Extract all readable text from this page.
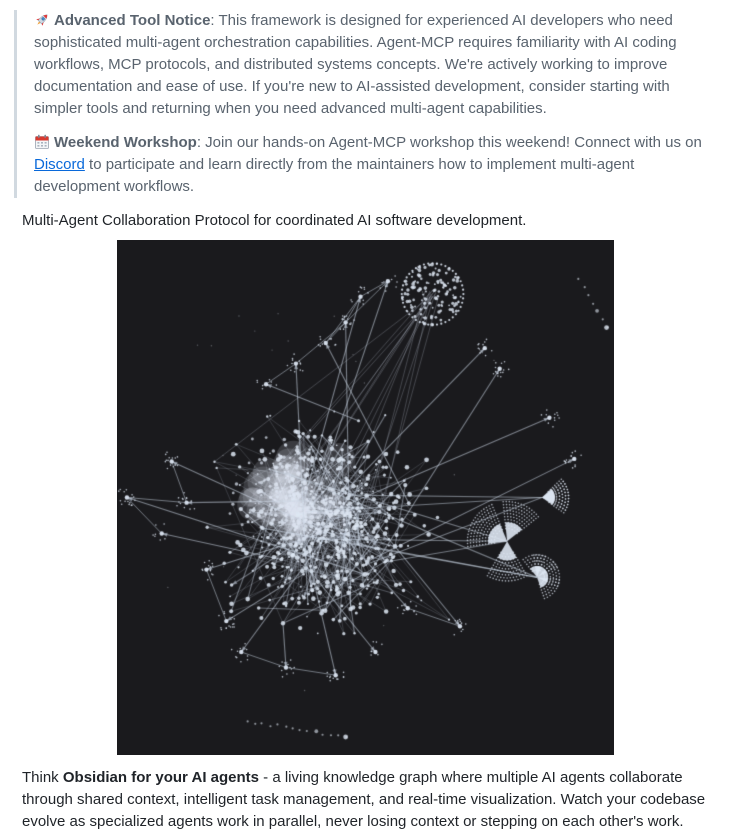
Advanced Tool Notice: This framework is designed for experienced AI developers who need sophisticated multi-agent orchestration capabilities. Agent-MCP requires familiarity with AI coding workflows, MCP protocols, and distributed systems concepts. We're actively working to improve documentation and ease of use. If you're new to AI-assisted development, consider starting with simpler tools and returning when you need advanced multi-agent capabilities.

Weekend Workshop: Join our hands-on Agent-MCP workshop this weekend! Connect with us on Discord to participate and learn directly from the maintainers how to implement multi-agent development workflows.

Multi-Agent Collaboration Protocol for coordinated AI software development.

Think Obsidian for your AI agents - a living knowledge graph where multiple AI agents collaborate through shared context, intelligent task management, and real-time visualization. Watch your codebase evolve as specialized agents work in parallel, never losing context or stepping on each other's work.
